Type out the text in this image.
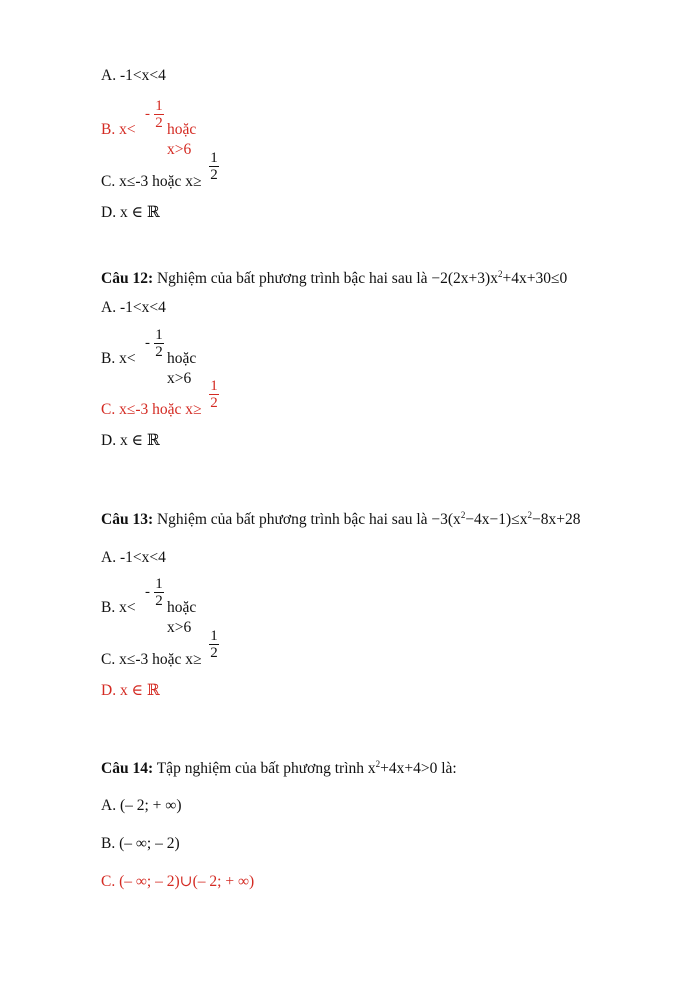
A. -1<x<4
B. x<
- 1
2 hoặc x>6
C. x≤-3 hoặc x≥
1
2
D. x ∈ ℝ
Câu 12: Nghiệm của bất phương trình bậc hai sau là $-2(2x+3)x^2+4x+30\le 0$
A. -1<x<4
B. x<
- 1
2 hoặc x>6
C. x≤-3 hoặc x≥
1
2
D. x ∈ ℝ
Câu 13: Nghiệm của bất phương trình bậc hai sau là $-3(x^2-4x-1)\le x^2-8x+28$
A. -1<x<4
B. x<
- 1
2 hoặc x>6
C. x≤-3 hoặc x≥
1
2
D. x ∈ ℝ
Câu 14: Tập nghiệm của bất phương trình $x^2+4x+4>0$ là:
A. (– 2; + ∞)
B. (– ∞; – 2)
C. (– ∞; – 2)∪(– 2; + ∞)
